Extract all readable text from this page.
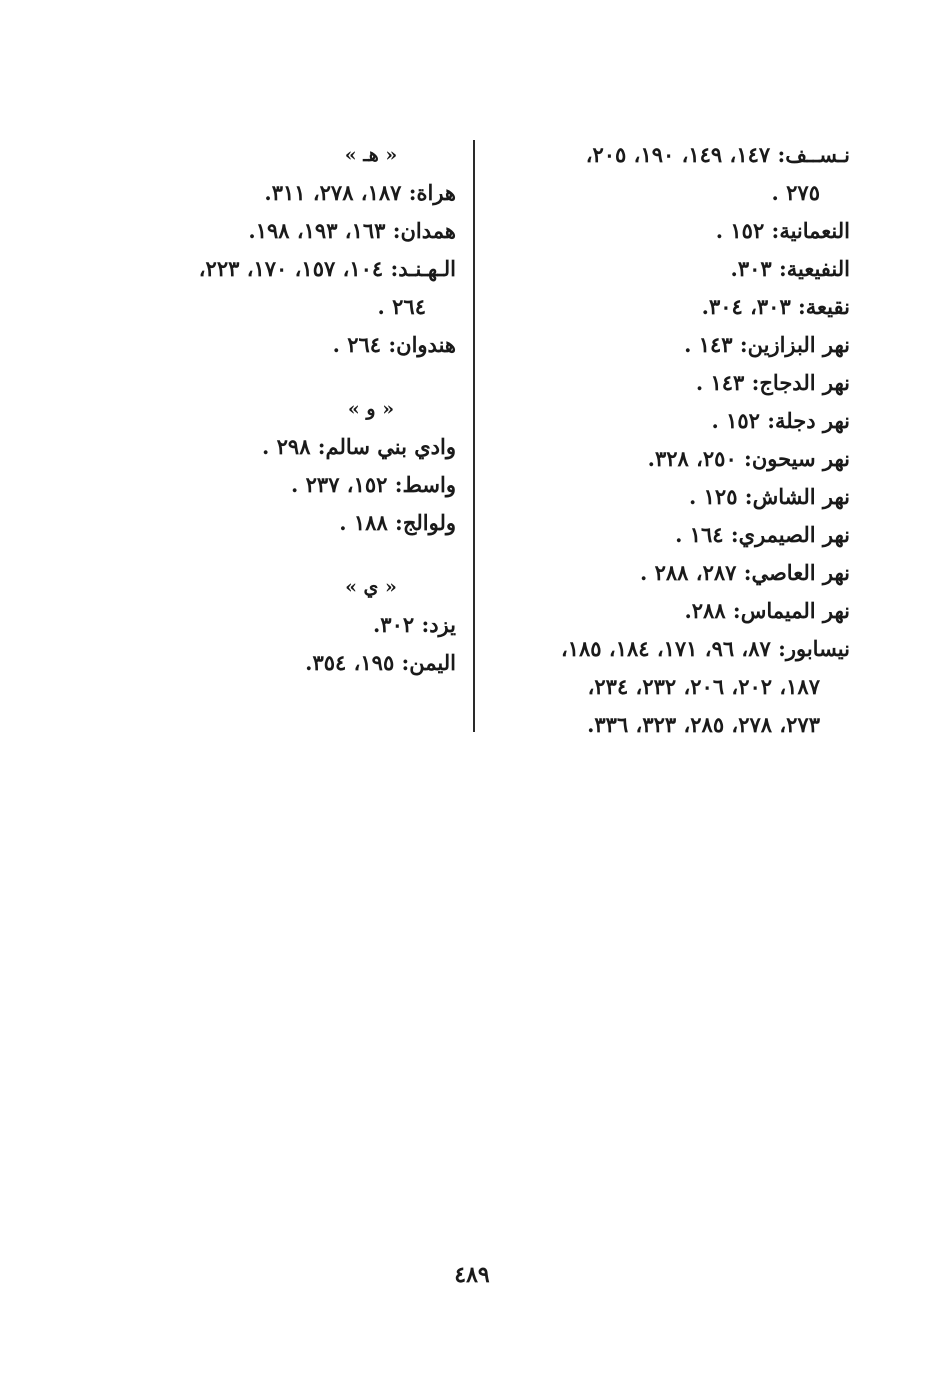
نـســف: ١٤٧، ١٤٩، ١٩٠، ٢٠٥،
٢٧٥ .
النعمانية: ١٥٢ .
النفيعية: ٣٠٣.
نقيعة: ٣٠٣، ٣٠٤.
نهر البزازين: ١٤٣ .
نهر الدجاج: ١٤٣ .
نهر دجلة: ١٥٢ .
نهر سيحون: ٢٥٠، ٣٢٨.
نهر الشاش: ١٢٥ .
نهر الصيمري: ١٦٤ .
نهر العاصي: ٢٨٧، ٢٨٨ .
نهر الميماس: ٢٨٨.
نيسابور: ٨٧، ٩٦، ١٧١، ١٨٤، ١٨٥،
١٨٧، ٢٠٢، ٢٠٦، ٢٣٢، ٢٣٤،
٢٧٣، ٢٧٨، ٢٨٥، ٣٢٣، ٣٣٦.
« هـ »
هراة: ١٨٧، ٢٧٨، ٣١١.
همدان: ١٦٣، ١٩٣، ١٩٨.
الـهـنـد: ١٠٤، ١٥٧، ١٧٠، ٢٢٣،
٢٦٤ .
هندوان: ٢٦٤ .
« و »
وادي بني سالم: ٢٩٨ .
واسط: ١٥٢، ٢٣٧ .
ولوالج: ١٨٨ .
« ي »
يزد: ٣٠٢.
اليمن: ١٩٥، ٣٥٤.
٤٨٩
